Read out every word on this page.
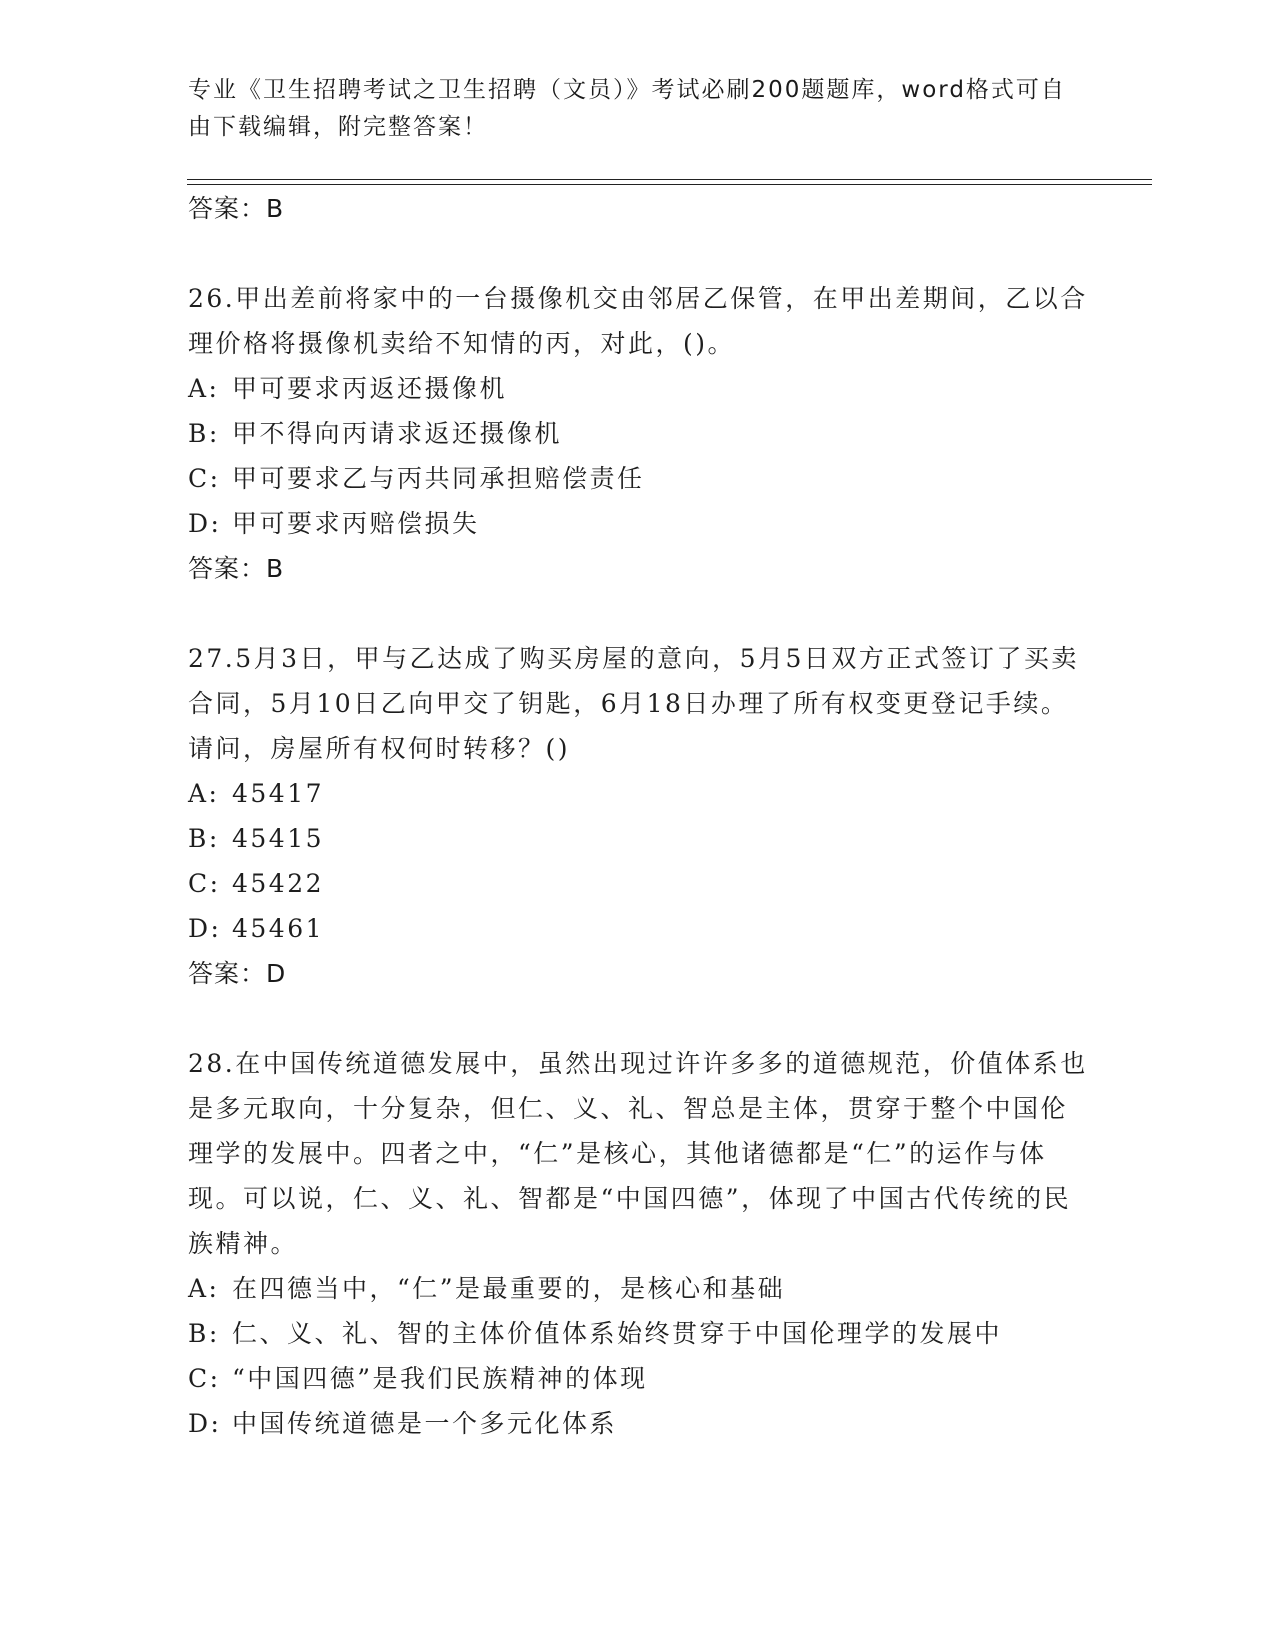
专业《卫生招聘考试之卫生招聘（文员）》考试必刷200题题库，word格式可自由下载编辑，附完整答案！
答案：B
26.甲出差前将家中的一台摄像机交由邻居乙保管，在甲出差期间，乙以合理价格将摄像机卖给不知情的丙，对此，()。
A: 甲可要求丙返还摄像机
B: 甲不得向丙请求返还摄像机
C: 甲可要求乙与丙共同承担赔偿责任
D: 甲可要求丙赔偿损失
答案：B
27.5月3日，甲与乙达成了购买房屋的意向，5月5日双方正式签订了买卖合同，5月10日乙向甲交了钥匙，6月18日办理了所有权变更登记手续。请问，房屋所有权何时转移？()
A: 45417
B: 45415
C: 45422
D: 45461
答案：D
28.在中国传统道德发展中，虽然出现过许许多多的道德规范，价值体系也是多元取向，十分复杂，但仁、义、礼、智总是主体，贯穿于整个中国伦理学的发展中。四者之中，“仁”是核心，其他诸德都是“仁”的运作与体现。可以说，仁、义、礼、智都是“中国四德”，体现了中国古代传统的民族精神。
A: 在四德当中，“仁”是最重要的，是核心和基础
B: 仁、义、礼、智的主体价值体系始终贯穿于中国伦理学的发展中
C: “中国四德”是我们民族精神的体现
D: 中国传统道德是一个多元化体系
